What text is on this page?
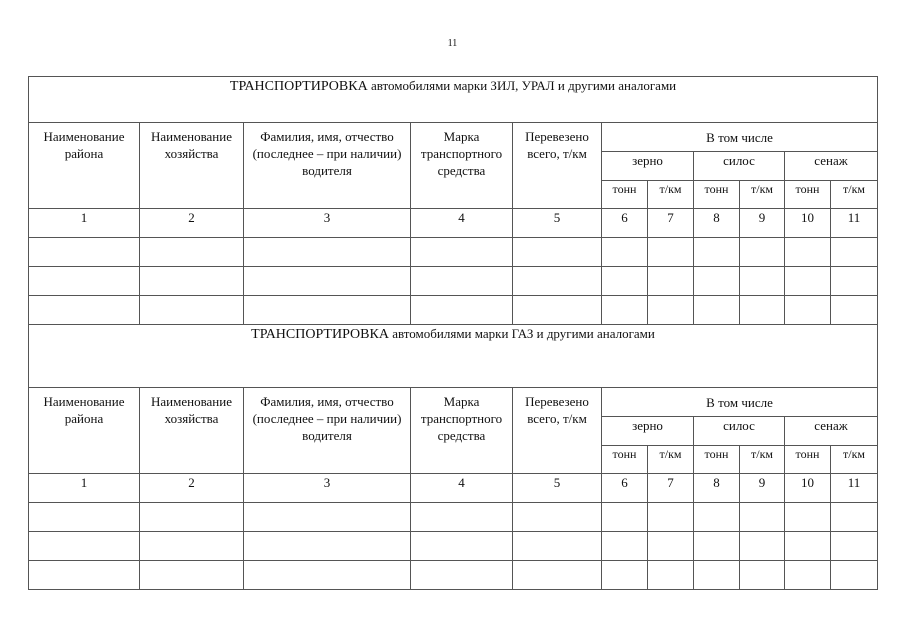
11
ТРАНСПОРТИРОВКА автомобилями марки ЗИЛ, УРАЛ и другими аналогами										
Наименование района	Наименование хозяйства	Фамилия, имя, отчество (последнее – при наличии) водителя	Марка транспортного средства	Перевезено всего, т/км	В том числе					
					зерно		силос		сенаж	
					тонн	т/км	тонн	т/км	тонн	т/км
1	2	3	4	5	6	7	8	9	10	11

ТРАНСПОРТИРОВКА автомобилями марки ГАЗ и другими аналогами										
Наименование района	Наименование хозяйства	Фамилия, имя, отчество (последнее – при наличии) водителя	Марка транспортного средства	Перевезено всего, т/км	В том числе					
					зерно		силос		сенаж	
					тонн	т/км	тонн	т/км	тонн	т/км
1	2	3	4	5	6	7	8	9	10	11
